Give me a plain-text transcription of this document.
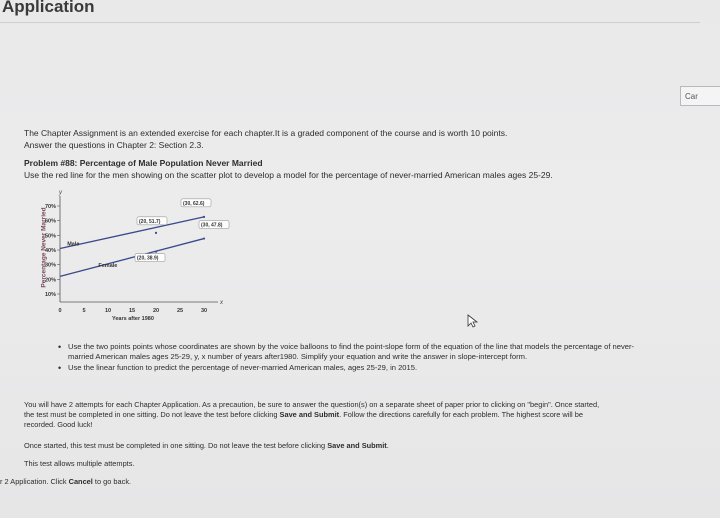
Application
Car
The Chapter Assignment is an extended exercise for each chapter.It is a graded component of the course and is worth 10 points.
Answer the questions in Chapter 2: Section 2.3.
Problem #88: Percentage of Male Population Never Married
Use the red line for the men showing on the scatter plot to develop a model for the percentage of never-married American males ages 25-29.
Percentage Never Married
y
x
70%
60%
50%
40%
30%
20%
10%
0	5	10	15	20	25	30
Years after 1980
Male
Female
(20, 51.7)
(30, 62.6)
(20, 38.9)
(30, 47.8)
• Use the two points points whose coordinates are shown by the voice balloons to find the point-slope form of the equation of the line that models the percentage of never-
married American males ages 25-29, y, x number of years after1980. Simplify your equation and write the answer in slope-intercept form.
• Use the linear function to predict the percentage of never-married American males, ages 25-29, in 2015.
You will have 2 attempts for each Chapter Application. As a precaution, be sure to answer the question(s) on a separate sheet of paper prior to clicking on "begin". Once started,
the test must be completed in one sitting. Do not leave the test before clicking Save and Submit. Follow the directions carefully for each problem. The highest score will be
recorded. Good luck!
Once started, this test must be completed in one sitting. Do not leave the test before clicking Save and Submit.
This test allows multiple attempts.
r 2 Application. Click Cancel to go back.
